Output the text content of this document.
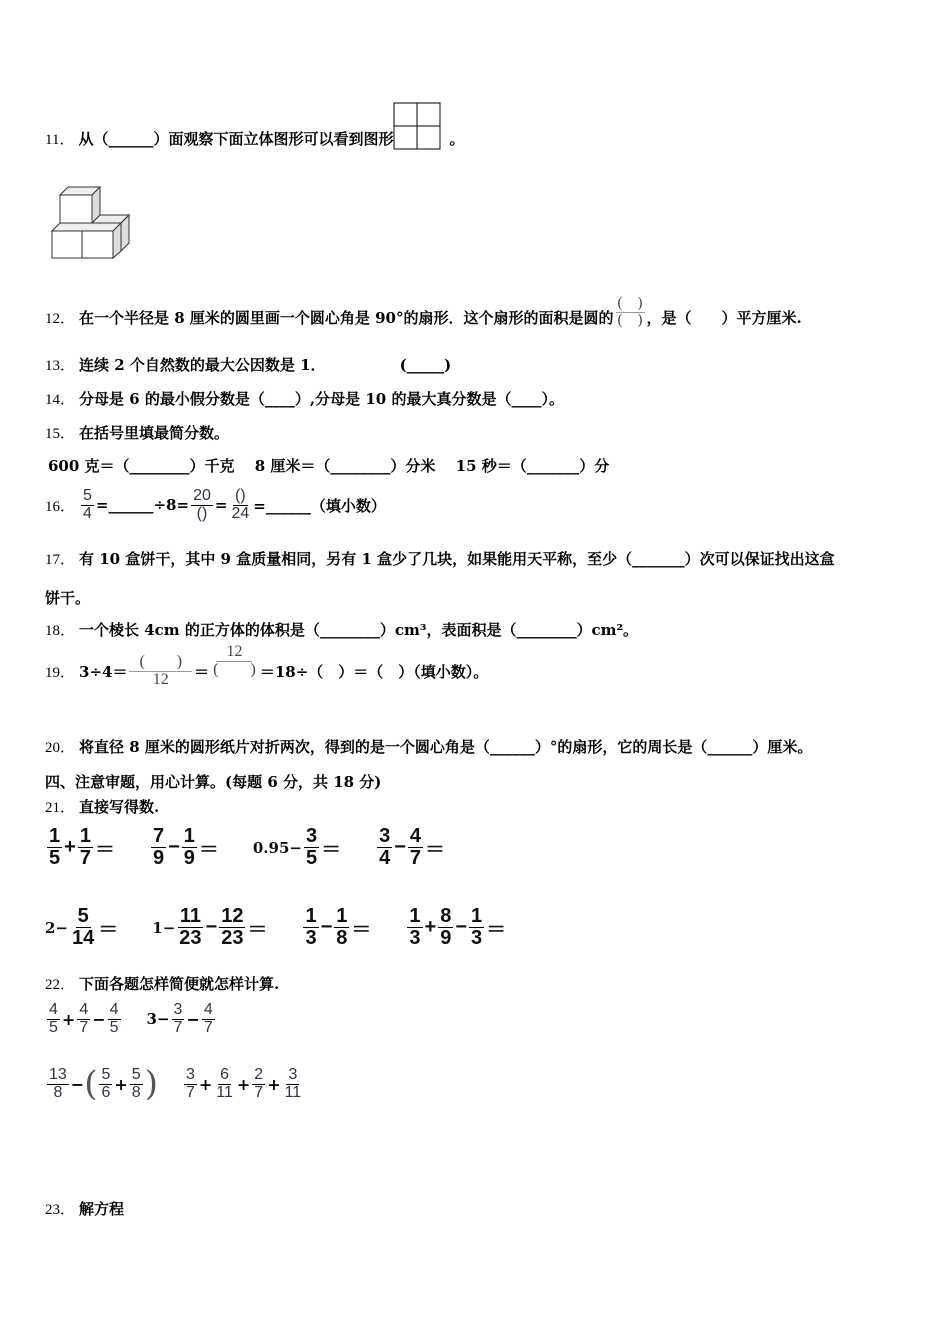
11． 从（______）面观察下面立体图形可以看到图形	。
12． 在一个半径是 8 厘米的圆里画一个圆心角是 90°的扇形．这个扇形的面积是圆的
(　)
(　) ，是（　　）平方厘米.
13． 连续 2 个自然数的最大公因数是 1．	(_____)
14． 分母是 6 的最小假分数是（____）,分母是 10 的最大真分数是（____）。
15． 在括号里填最简分数。
600 克＝（________）千克　 8 厘米＝（________）分米　 15 秒＝（_______）分
16． $\frac{5}{4}$ =______÷8=
20
() =
()
24 =______（填小数）
17． 有 10 盒饼干，其中 9 盒质量相同，另有 1 盒少了几块，如果能用天平称，至少（_______）次可以保证找出这盒
饼干。
18． 一个棱长 4cm 的正方体的体积是（________）cm³，表面积是（________）cm²。
19． 3÷4＝
(　　)
12 ＝
12
(　　) ＝18÷（　）＝（　）（填小数）。
20． 将直径 8 厘米的圆形纸片对折两次，得到的是一个圆心角是（______）°的扇形，它的周长是（______）厘米。
四、注意审题，用心计算。(每题 6 分，共 18 分)
21． 直接写得数.
$\frac{1}{5} + \frac{1}{7} = \frac{7}{9} - \frac{1}{9} = 0.95- \frac{3}{5} = \frac{3}{4} - \frac{4}{7}$ ＝
$2- \frac{5}{14} = 1- \frac{11}{23} - \frac{12}{23} = \frac{1}{3} - \frac{1}{8} = \frac{1}{3} + \frac{8}{9} - \frac{1}{3}$ ＝
22． 下面各题怎样简便就怎样计算.
$\frac{4}{5} + \frac{4}{7} - \frac{4}{5} 3- \frac{3}{7} - \frac{4}{7}$
$\frac{13}{8}$ − ( $\frac{5}{6} + \frac{5}{8}$ ) $\frac{3}{7} + \frac{6}{11} + \frac{2}{7} + \frac{3}{11}$
23． 解方程
